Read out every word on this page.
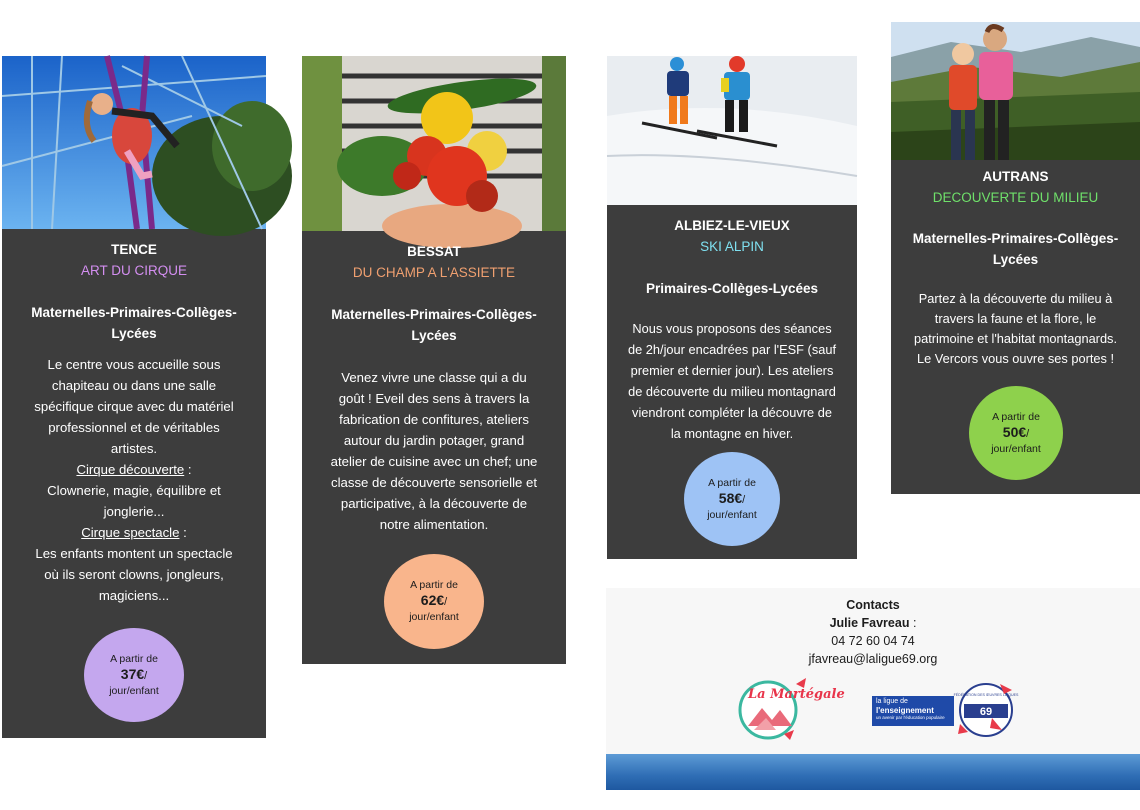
TENCE
ART DU CIRQUE
Maternelles-Primaires-Collèges-
Lycées
Le centre vous accueille sous
chapiteau ou dans une salle
spécifique cirque avec du matériel
professionnel et de véritables
artistes.
Cirque découverte :
Clownerie, magie, équilibre et
jonglerie...
Cirque spectacle :
Les enfants montent un spectacle
où ils seront clowns, jongleurs,
magiciens...
A partir de
37€/
jour/enfant
BESSAT
DU CHAMP A L'ASSIETTE
Maternelles-Primaires-Collèges-
Lycées
Venez vivre une classe qui a du
goût ! Eveil des sens à travers la
fabrication de confitures, ateliers
autour du jardin potager, grand
atelier de cuisine avec un chef; une
classe de découverte sensorielle et
participative, à la découverte de
notre alimentation.
A partir de
62€/
jour/enfant
ALBIEZ-LE-VIEUX
SKI ALPIN
Primaires-Collèges-Lycées
Nous vous proposons des séances
de 2h/jour encadrées par l'ESF (sauf
premier et dernier jour). Les ateliers
de découverte du milieu montagnard
viendront compléter la découvre de
la montagne en hiver.
A partir de
58€/
jour/enfant
AUTRANS
DECOUVERTE DU MILIEU
Maternelles-Primaires-Collèges-
Lycées
Partez à la découverte du milieu à
travers la faune et la flore, le
patrimoine et l'habitat montagnards.
Le Vercors vous ouvre ses portes !
A partir de
50€/
jour/enfant
Contacts
Julie Favreau :
04 72 60 04 74
jfavreau@laligue69.org
La Martégale	la ligue de
l'enseignement
un avenir par l'éducation populaire	69
FÉDÉRATION DES ŒUVRES LAÏQUES
